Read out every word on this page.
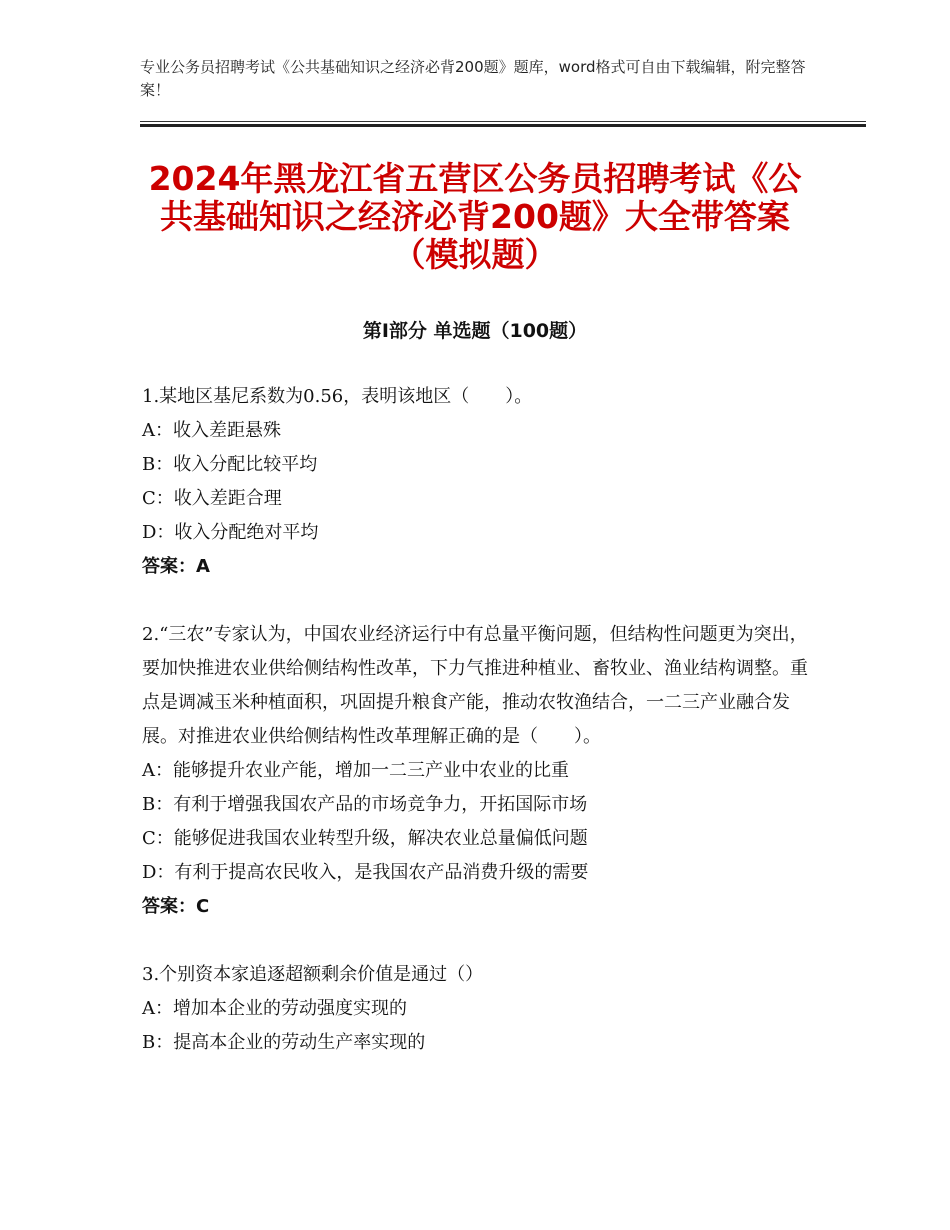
专业公务员招聘考试《公共基础知识之经济必背200题》题库，word格式可自由下载编辑，附完整答案！
2024年黑龙江省五营区公务员招聘考试《公
共基础知识之经济必背200题》大全带答案
（模拟题）
第Ⅰ部分 单选题（100题）
1.某地区基尼系数为0.56，表明该地区（　　）。
A：收入差距悬殊
B：收入分配比较平均
C：收入差距合理
D：收入分配绝对平均
答案：A
2.“三农”专家认为，中国农业经济运行中有总量平衡问题，但结构性问题更为突出，要加快推进农业供给侧结构性改革，下力气推进种植业、畜牧业、渔业结构调整。重点是调减玉米种植面积，巩固提升粮食产能，推动农牧渔结合，一二三产业融合发展。对推进农业供给侧结构性改革理解正确的是（　　）。
A：能够提升农业产能，增加一二三产业中农业的比重
B：有利于增强我国农产品的市场竞争力，开拓国际市场
C：能够促进我国农业转型升级，解决农业总量偏低问题
D：有利于提高农民收入，是我国农产品消费升级的需要
答案：C
3.个别资本家追逐超额剩余价值是通过（）
A：增加本企业的劳动强度实现的
B：提高本企业的劳动生产率实现的
